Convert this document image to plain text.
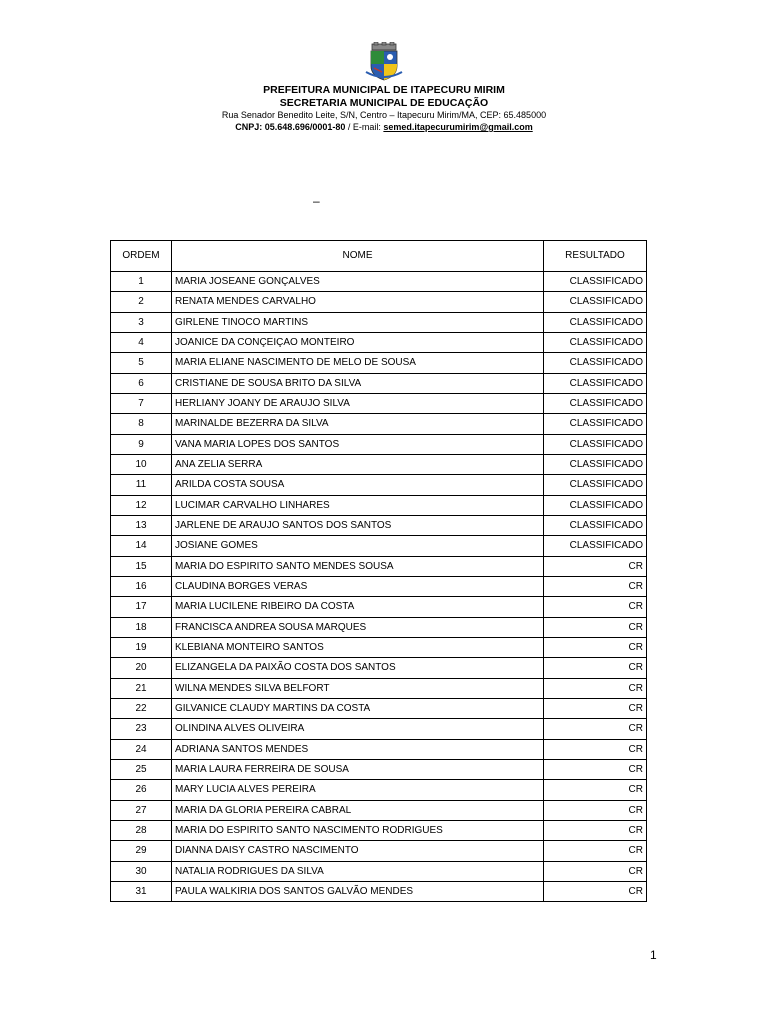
PREFEITURA MUNICIPAL DE ITAPECURU MIRIM
SECRETARIA MUNICIPAL DE EDUCAÇÃO
Rua Senador Benedito Leite, S/N, Centro – Itapecuru Mirim/MA, CEP: 65.485000
CNPJ: 05.648.696/0001-80 / E-mail: semed.itapecurumirim@gmail.com
–
ORDEM	NOME	RESULTADO
1	MARIA JOSEANE GONÇALVES	CLASSIFICADO
2	RENATA MENDES CARVALHO	CLASSIFICADO
3	GIRLENE TINOCO MARTINS	CLASSIFICADO
4	JOANICE DA CONÇEIÇAO MONTEIRO	CLASSIFICADO
5	MARIA ELIANE NASCIMENTO DE MELO DE SOUSA	CLASSIFICADO
6	CRISTIANE DE SOUSA BRITO DA SILVA	CLASSIFICADO
7	HERLIANY JOANY DE ARAUJO SILVA	CLASSIFICADO
8	MARINALDE BEZERRA DA SILVA	CLASSIFICADO
9	VANA MARIA LOPES DOS SANTOS	CLASSIFICADO
10	ANA ZELIA SERRA	CLASSIFICADO
11	ARILDA COSTA SOUSA	CLASSIFICADO
12	LUCIMAR CARVALHO LINHARES	CLASSIFICADO
13	JARLENE DE ARAUJO SANTOS DOS SANTOS	CLASSIFICADO
14	JOSIANE GOMES	CLASSIFICADO
15	MARIA DO ESPIRITO SANTO MENDES SOUSA	CR
16	CLAUDINA BORGES VERAS	CR
17	MARIA LUCILENE RIBEIRO DA COSTA	CR
18	FRANCISCA ANDREA SOUSA MARQUES	CR
19	KLEBIANA MONTEIRO SANTOS	CR
20	ELIZANGELA DA PAIXÃO COSTA DOS SANTOS	CR
21	WILNA MENDES SILVA BELFORT	CR
22	GILVANICE CLAUDY MARTINS DA COSTA	CR
23	OLINDINA ALVES OLIVEIRA	CR
24	ADRIANA SANTOS MENDES	CR
25	MARIA LAURA FERREIRA DE SOUSA	CR
26	MARY LUCIA ALVES PEREIRA	CR
27	MARIA DA GLORIA PEREIRA CABRAL	CR
28	MARIA DO ESPIRITO SANTO NASCIMENTO RODRIGUES	CR
29	DIANNA DAISY CASTRO NASCIMENTO	CR
30	NATALIA RODRIGUES DA SILVA	CR
31	PAULA WALKIRIA DOS SANTOS GALVÃO MENDES	CR
1
